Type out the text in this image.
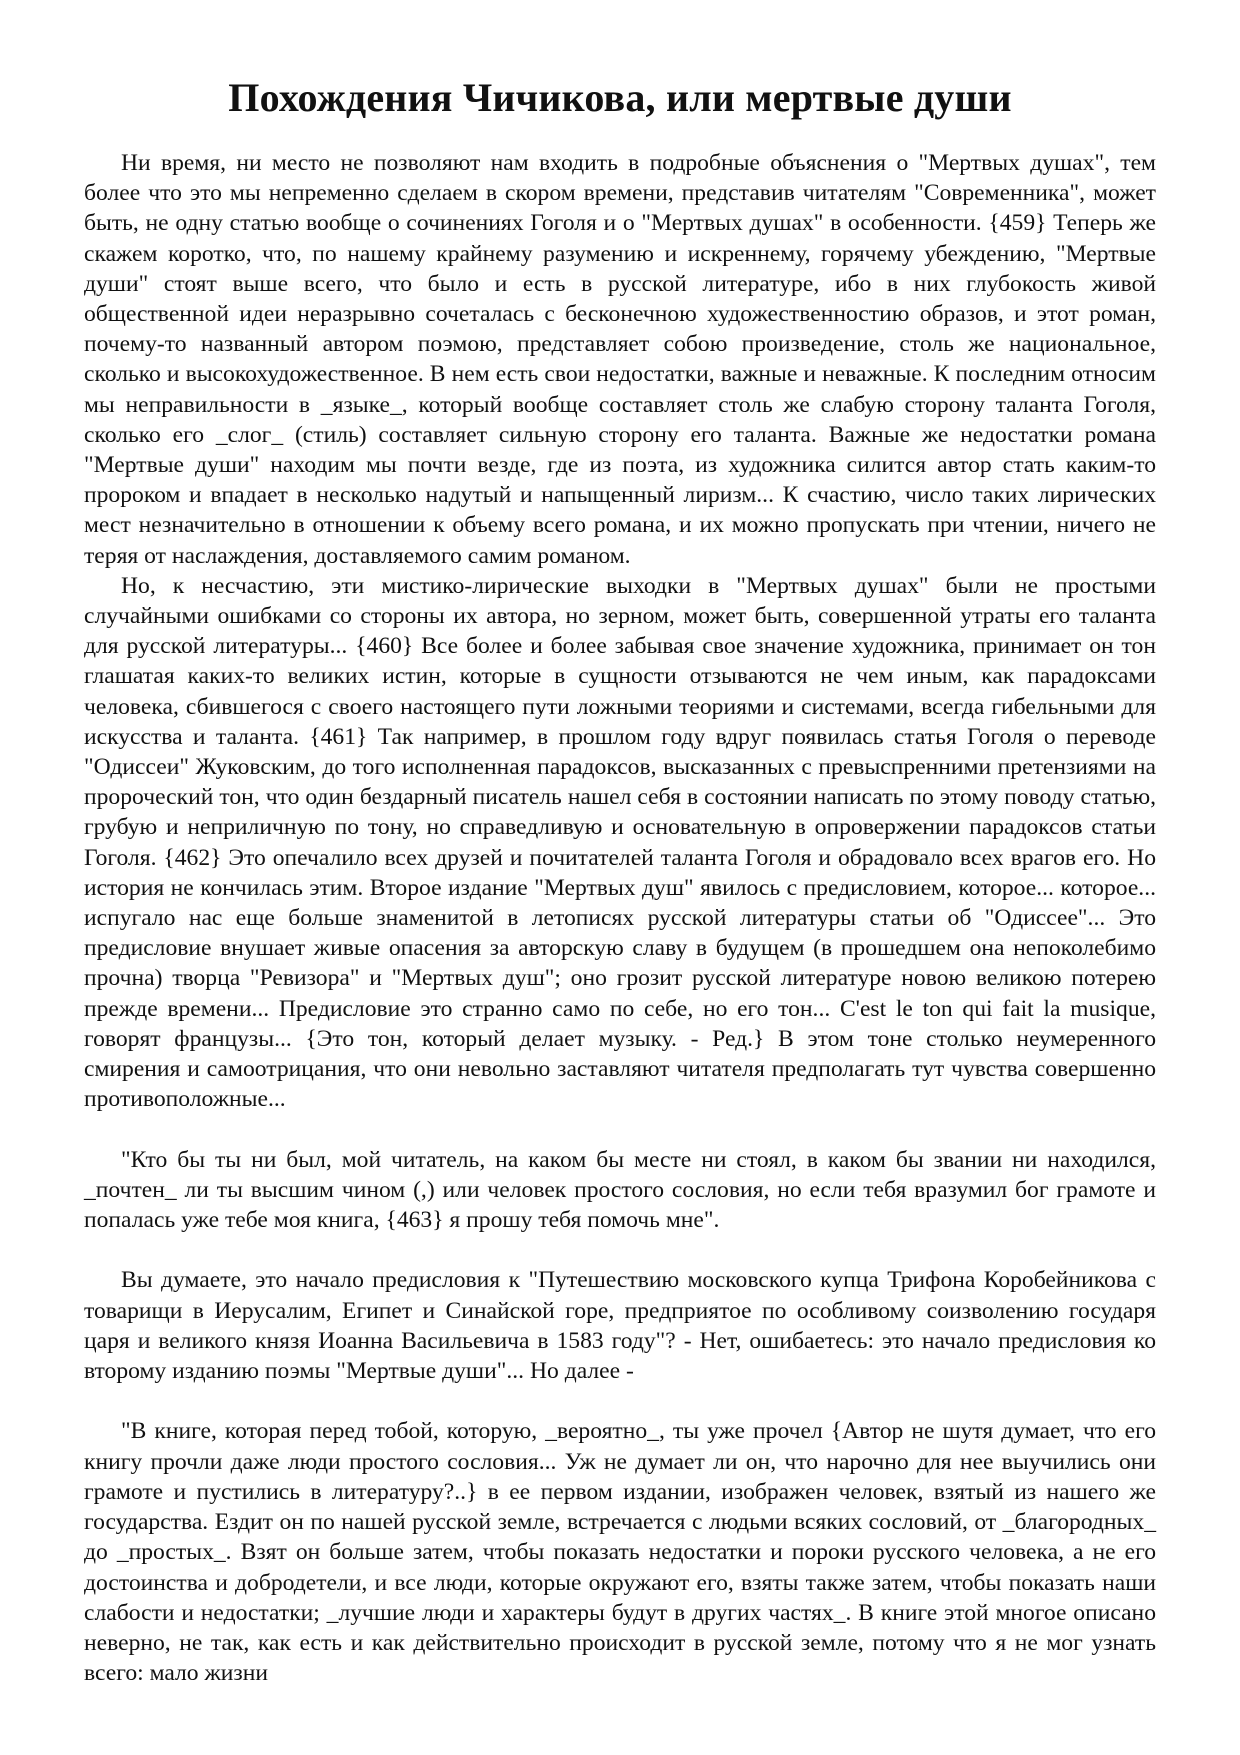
Похождения Чичикова, или мертвые души

Ни время, ни место не позволяют нам входить в подробные объяснения о "Мертвых душах", тем более что это мы непременно сделаем в скором времени, представив читателям "Современника", может быть, не одну статью вообще о сочинениях Гоголя и о "Мертвых душах" в особенности. {459} Теперь же скажем коротко, что, по нашему крайнему разумению и искреннему, горячему убеждению, "Мертвые души" стоят выше всего, что было и есть в русской литературе, ибо в них глубокость живой общественной идеи неразрывно сочеталась с бесконечною художественностию образов, и этот роман, почему-то названный автором поэмою, представляет собою произведение, столь же национальное, сколько и высокохудожественное. В нем есть свои недостатки, важные и неважные. К последним относим мы неправильности в _языке_, который вообще составляет столь же слабую сторону таланта Гоголя, сколько его _слог_ (стиль) составляет сильную сторону его таланта. Важные же недостатки романа "Мертвые души" находим мы почти везде, где из поэта, из художника силится автор стать каким-то пророком и впадает в несколько надутый и напыщенный лиризм... К счастию, число таких лирических мест незначительно в отношении к объему всего романа, и их можно пропускать при чтении, ничего не теряя от наслаждения, доставляемого самим романом.

Но, к несчастию, эти мистико-лирические выходки в "Мертвых душах" были не простыми случайными ошибками со стороны их автора, но зерном, может быть, совершенной утраты его таланта для русской литературы... {460} Все более и более забывая свое значение художника, принимает он тон глашатая каких-то великих истин, которые в сущности отзываются не чем иным, как парадоксами человека, сбившегося с своего настоящего пути ложными теориями и системами, всегда гибельными для искусства и таланта. {461} Так например, в прошлом году вдруг появилась статья Гоголя о переводе "Одиссеи" Жуковским, до того исполненная парадоксов, высказанных с превыспренними претензиями на пророческий тон, что один бездарный писатель нашел себя в состоянии написать по этому поводу статью, грубую и неприличную по тону, но справедливую и основательную в опровержении парадоксов статьи Гоголя. {462} Это опечалило всех друзей и почитателей таланта Гоголя и обрадовало всех врагов его. Но история не кончилась этим. Второе издание "Мертвых душ" явилось с предисловием, которое... которое... испугало нас еще больше знаменитой в летописях русской литературы статьи об "Одиссее"... Это предисловие внушает живые опасения за авторскую славу в будущем (в прошедшем она непоколебимо прочна) творца "Ревизора" и "Мертвых душ"; оно грозит русской литературе новою великою потерею прежде времени... Предисловие это странно само по себе, но его тон... C'est le ton qui fait la musique, говорят французы... {Это тон, который делает музыку. - Ред.} В этом тоне столько неумеренного смирения и самоотрицания, что они невольно заставляют читателя предполагать тут чувства совершенно противоположные...

"Кто бы ты ни был, мой читатель, на каком бы месте ни стоял, в каком бы звании ни находился, _почтен_ ли ты высшим чином (,) или человек простого сословия, но если тебя вразумил бог грамоте и попалась уже тебе моя книга, {463} я прошу тебя помочь мне".

Вы думаете, это начало предисловия к "Путешествию московского купца Трифона Коробейникова с товарищи в Иерусалим, Египет и Синайской горе, предприятое по особливому соизволению государя царя и великого князя Иоанна Васильевича в 1583 году"? - Нет, ошибаетесь: это начало предисловия ко второму изданию поэмы "Мертвые души"... Но далее -

"В книге, которая перед тобой, которую, _вероятно_, ты уже прочел {Автор не шутя думает, что его книгу прочли даже люди простого сословия... Уж не думает ли он, что нарочно для нее выучились они грамоте и пустились в литературу?..} в ее первом издании, изображен человек, взятый из нашего же государства. Ездит он по нашей русской земле, встречается с людьми всяких сословий, от _благородных_ до _простых_. Взят он больше затем, чтобы показать недостатки и пороки русского человека, а не его достоинства и добродетели, и все люди, которые окружают его, взяты также затем, чтобы показать наши слабости и недостатки; _лучшие люди и характеры будут в других частях_. В книге этой многое описано неверно, не так, как есть и как действительно происходит в русской земле, потому что я не мог узнать всего: мало жизни
